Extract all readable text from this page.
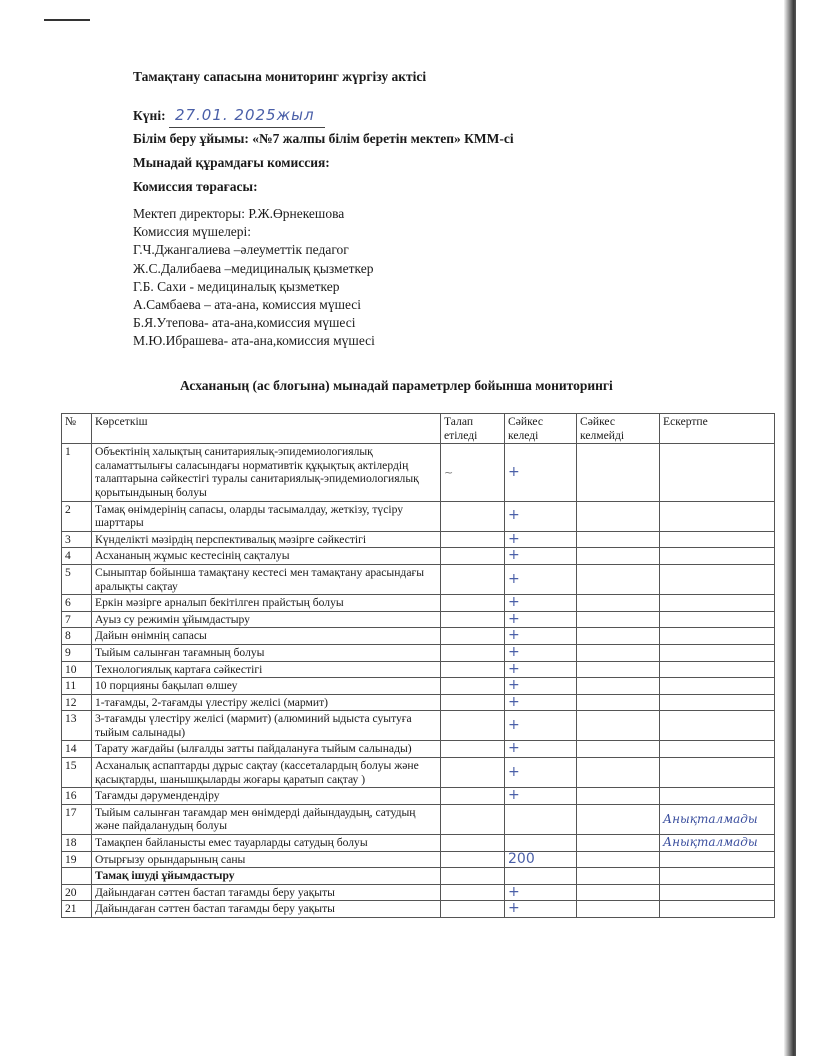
Тамақтану сапасына мониторинг жүргізу актісі
Күні: 27.01. 2025жыл
Білім беру ұйымы: «№7 жалпы білім беретін мектеп» КММ-сі
Мынадай құрамдағы комиссия:
Комиссия төрағасы:
Мектеп директоры: Р.Ж.Өрнекешова
Комиссия мүшелері:
Г.Ч.Джангалиева –әлеуметтік педагог
Ж.С.Далибаева –медициналық қызметкер
Г.Б. Сахи - медициналық қызметкер
А.Самбаева – ата-ана, комиссия мүшесі
Б.Я.Утепова- ата-ана,комиссия мүшесі
М.Ю.Ибрашева- ата-ана,комиссия мүшесі
Асхананың (ас блогына) мынадай параметрлер бойынша мониторингі
№	Көрсеткіш	Талап етіледі	Сәйкес келеді	Сәйкес келмейді	Ескертпе
1	Объектінің халықтың санитариялық-эпидемиологиялық саламаттылығы саласындағы нормативтік құқықтық актілердің талаптарына сәйкестігі туралы санитариялық-эпидемиологиялық қорытындының болуы	~	+		
2	Тамақ өнімдерінің сапасы, оларды тасымалдау, жеткізу, түсіру шарттары		+		
3	Күнделікті мәзірдің перспективалық мәзірге сәйкестігі		+		
4	Асхананың жұмыс кестесінің сақталуы		+		
5	Сыныптар бойынша тамақтану кестесі мен тамақтану арасындағы аралықты сақтау		+		
6	Еркін мәзірге арналып бекітілген прайстың болуы		+		
7	Ауыз су режимін ұйымдастыру		+		
8	Дайын өнімнің сапасы		+		
9	Тыйым салынған тағамның болуы		+		
10	Технологиялық картаға сәйкестігі		+		
11	10 порцияны бақылап өлшеу		+		
12	1-тағамды, 2-тағамды үлестіру желісі (мармит)		+		
13	3-тағамды үлестіру желісі (мармит) (алюминий ыдыста суытуға тыйым салынады)		+		
14	Тарату жағдайы (ылғалды затты пайдалануға тыйым салынады)		+		
15	Асханалық аспаптарды дұрыс сақтау (кассеталардың болуы және қасықтарды, шанышқыларды жоғары қаратып сақтау )		+		
16	Тағамды дәрумендендіру		+		
17	Тыйым салынған тағамдар мен өнімдерді дайындаудың, сатудың және пайдаланудың болуы				Анықталмады
18	Тамақпен байланысты емес тауарларды сатудың болуы				Анықталмады
19	Отырғызу орындарының саны		200		
	Тамақ ішуді ұйымдастыру				
20	Дайындаған сәттен бастап тағамды беру уақыты		+		
21	Дайындаған сәттен бастап тағамды беру уақыты		+		
